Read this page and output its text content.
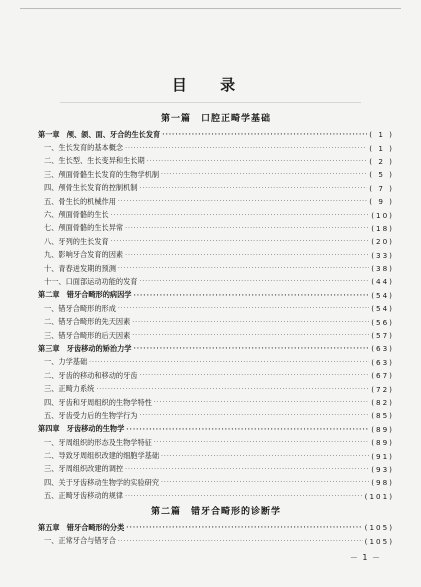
目 录
第一篇　口腔正畸学基础
第一章　颅、颌、面、牙合的生长发育 ·····	( 1 )
一、生长发育的基本概念 ·····	( 1 )
二、生长型、生长变异和生长期 ·····	( 2 )
三、颅面骨骼生长发育的生物学机制 ·····	( 5 )
四、颅骨生长发育的控制机制 ·····	( 7 )
五、骨生长的机械作用 ·····	( 9 )
六、颅面骨骼的生长 ·····	(10)
七、颅面骨骼的生长异常 ·····	(18)
八、牙列的生长发育 ·····	(20)
九、影响牙合发育的因素 ·····	(33)
十、青春迸发期的预测 ·····	(38)
十一、口面部运动功能的发育 ·····	(44)
第二章　错牙合畸形的病因学 ·····	(54)
一、错牙合畸形的形成 ·····	(54)
二、错牙合畸形的先天因素 ·····	(56)
三、错牙合畸形的后天因素 ·····	(57)
第三章　牙齿移动的矫治力学 ·····	(63)
一、力学基础 ·····	(63)
二、牙齿的移动和移动的牙齿 ·····	(67)
三、正畸力系统 ·····	(72)
四、牙齿和牙周组织的生物学特性 ·····	(82)
五、牙齿受力后的生物学行为 ·····	(85)
第四章　牙齿移动的生物学 ·····	(89)
一、牙周组织的形态及生物学特征 ·····	(89)
二、导致牙周组织改建的细胞学基础 ·····	(91)
三、牙周组织改建的调控 ·····	(93)
四、关于牙齿移动生物学的实验研究 ·····	(98)
五、正畸牙齿移动的规律 ·····	(101)
第二篇　错牙合畸形的诊断学
第五章　错牙合畸形的分类 ·····	(105)
一、正常牙合与错牙合 ·····	(105)
－ 1 －
